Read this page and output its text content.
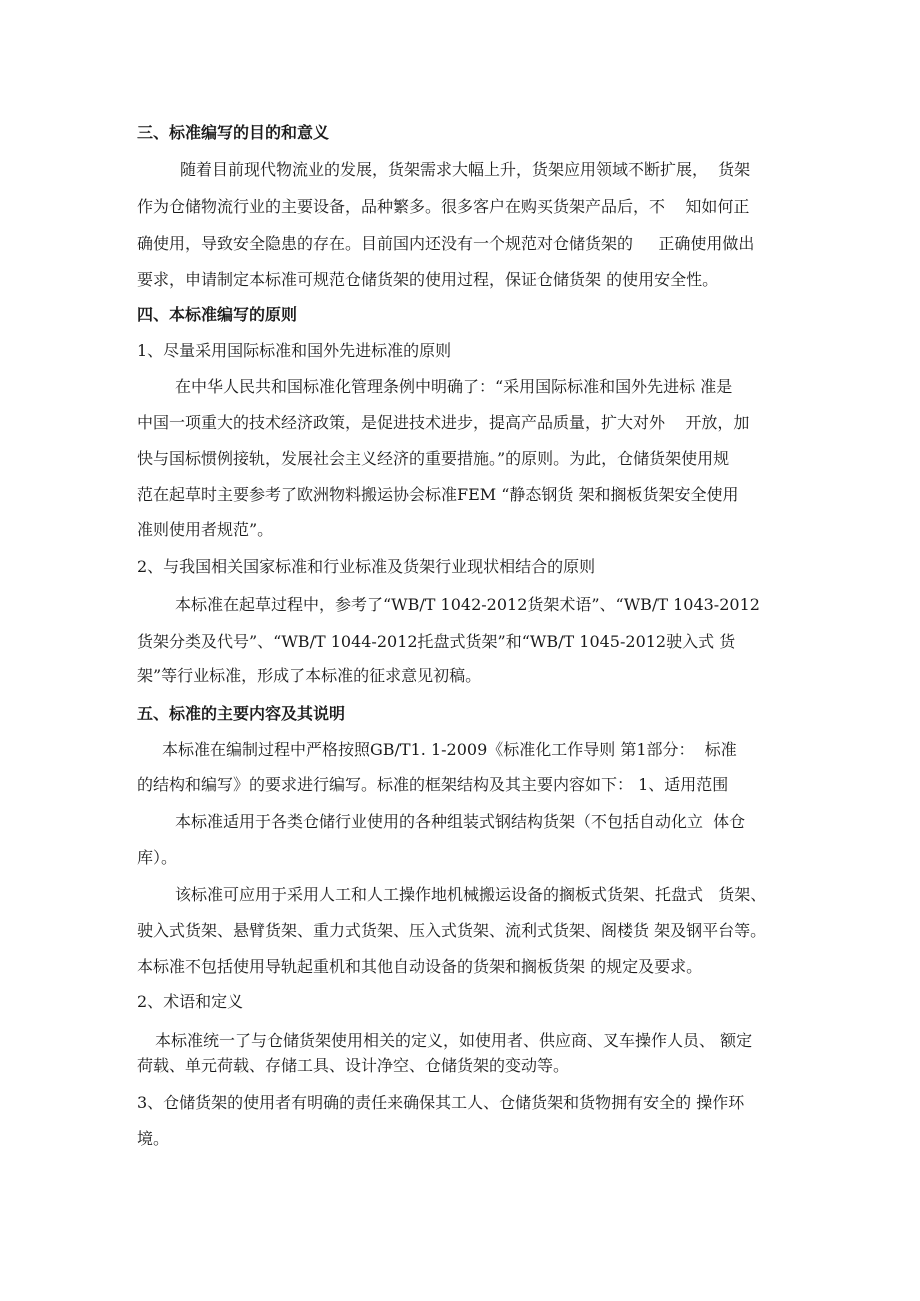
三、标准编写的目的和意义
随着目前现代物流业的发展，货架需求大幅上升，货架应用领域不断扩展，  货架
作为仓储物流行业的主要设备，品种繁多。很多客户在购买货架产品后，不    知如何正
确使用，导致安全隐患的存在。目前国内还没有一个规范对仓储货架的     正确使用做出
要求，申请制定本标准可规范仓储货架的使用过程，保证仓储货架 的使用安全性。
四、本标准编写的原则
1、尽量采用国际标准和国外先进标准的原则
在中华人民共和国标准化管理条例中明确了：“采用国际标准和国外先进标 准是
中国一项重大的技术经济政策，是促进技术进步，提高产品质量，扩大对外    开放，加
快与国标惯例接轨，发展社会主义经济的重要措施。”的原则。为此，仓储货架使用规
范在起草时主要参考了欧洲物料搬运协会标准FEM “静态钢货 架和搁板货架安全使用
准则使用者规范”。
2、与我国相关国家标准和行业标准及货架行业现状相结合的原则
本标准在起草过程中，参考了“WB/T 1042-2012货架术语”、“WB/T 1043-2012
货架分类及代号”、“WB/T 1044-2012托盘式货架”和“WB/T 1045-2012驶入式 货
架”等行业标准，形成了本标准的征求意见初稿。
五、标准的主要内容及其说明
本标准在编制过程中严格按照GB/T1. 1-2009《标准化工作导则 第1部分：  标准
的结构和编写》的要求进行编写。标准的框架结构及其主要内容如下： 1、适用范围
本标准适用于各类仓储行业使用的各种组装式钢结构货架（不包括自动化立  体仓
库）。
该标准可应用于采用人工和人工操作地机械搬运设备的搁板式货架、托盘式   货架、
驶入式货架、悬臂货架、重力式货架、压入式货架、流利式货架、阁楼货 架及钢平台等。
本标准不包括使用导轨起重机和其他自动设备的货架和搁板货架 的规定及要求。
2、术语和定义
本标准统一了与仓储货架使用相关的定义，如使用者、供应商、叉车操作人员、 额定
荷载、单元荷载、存储工具、设计净空、仓储货架的变动等。
3、仓储货架的使用者有明确的责任来确保其工人、仓储货架和货物拥有安全的 操作环
境。
